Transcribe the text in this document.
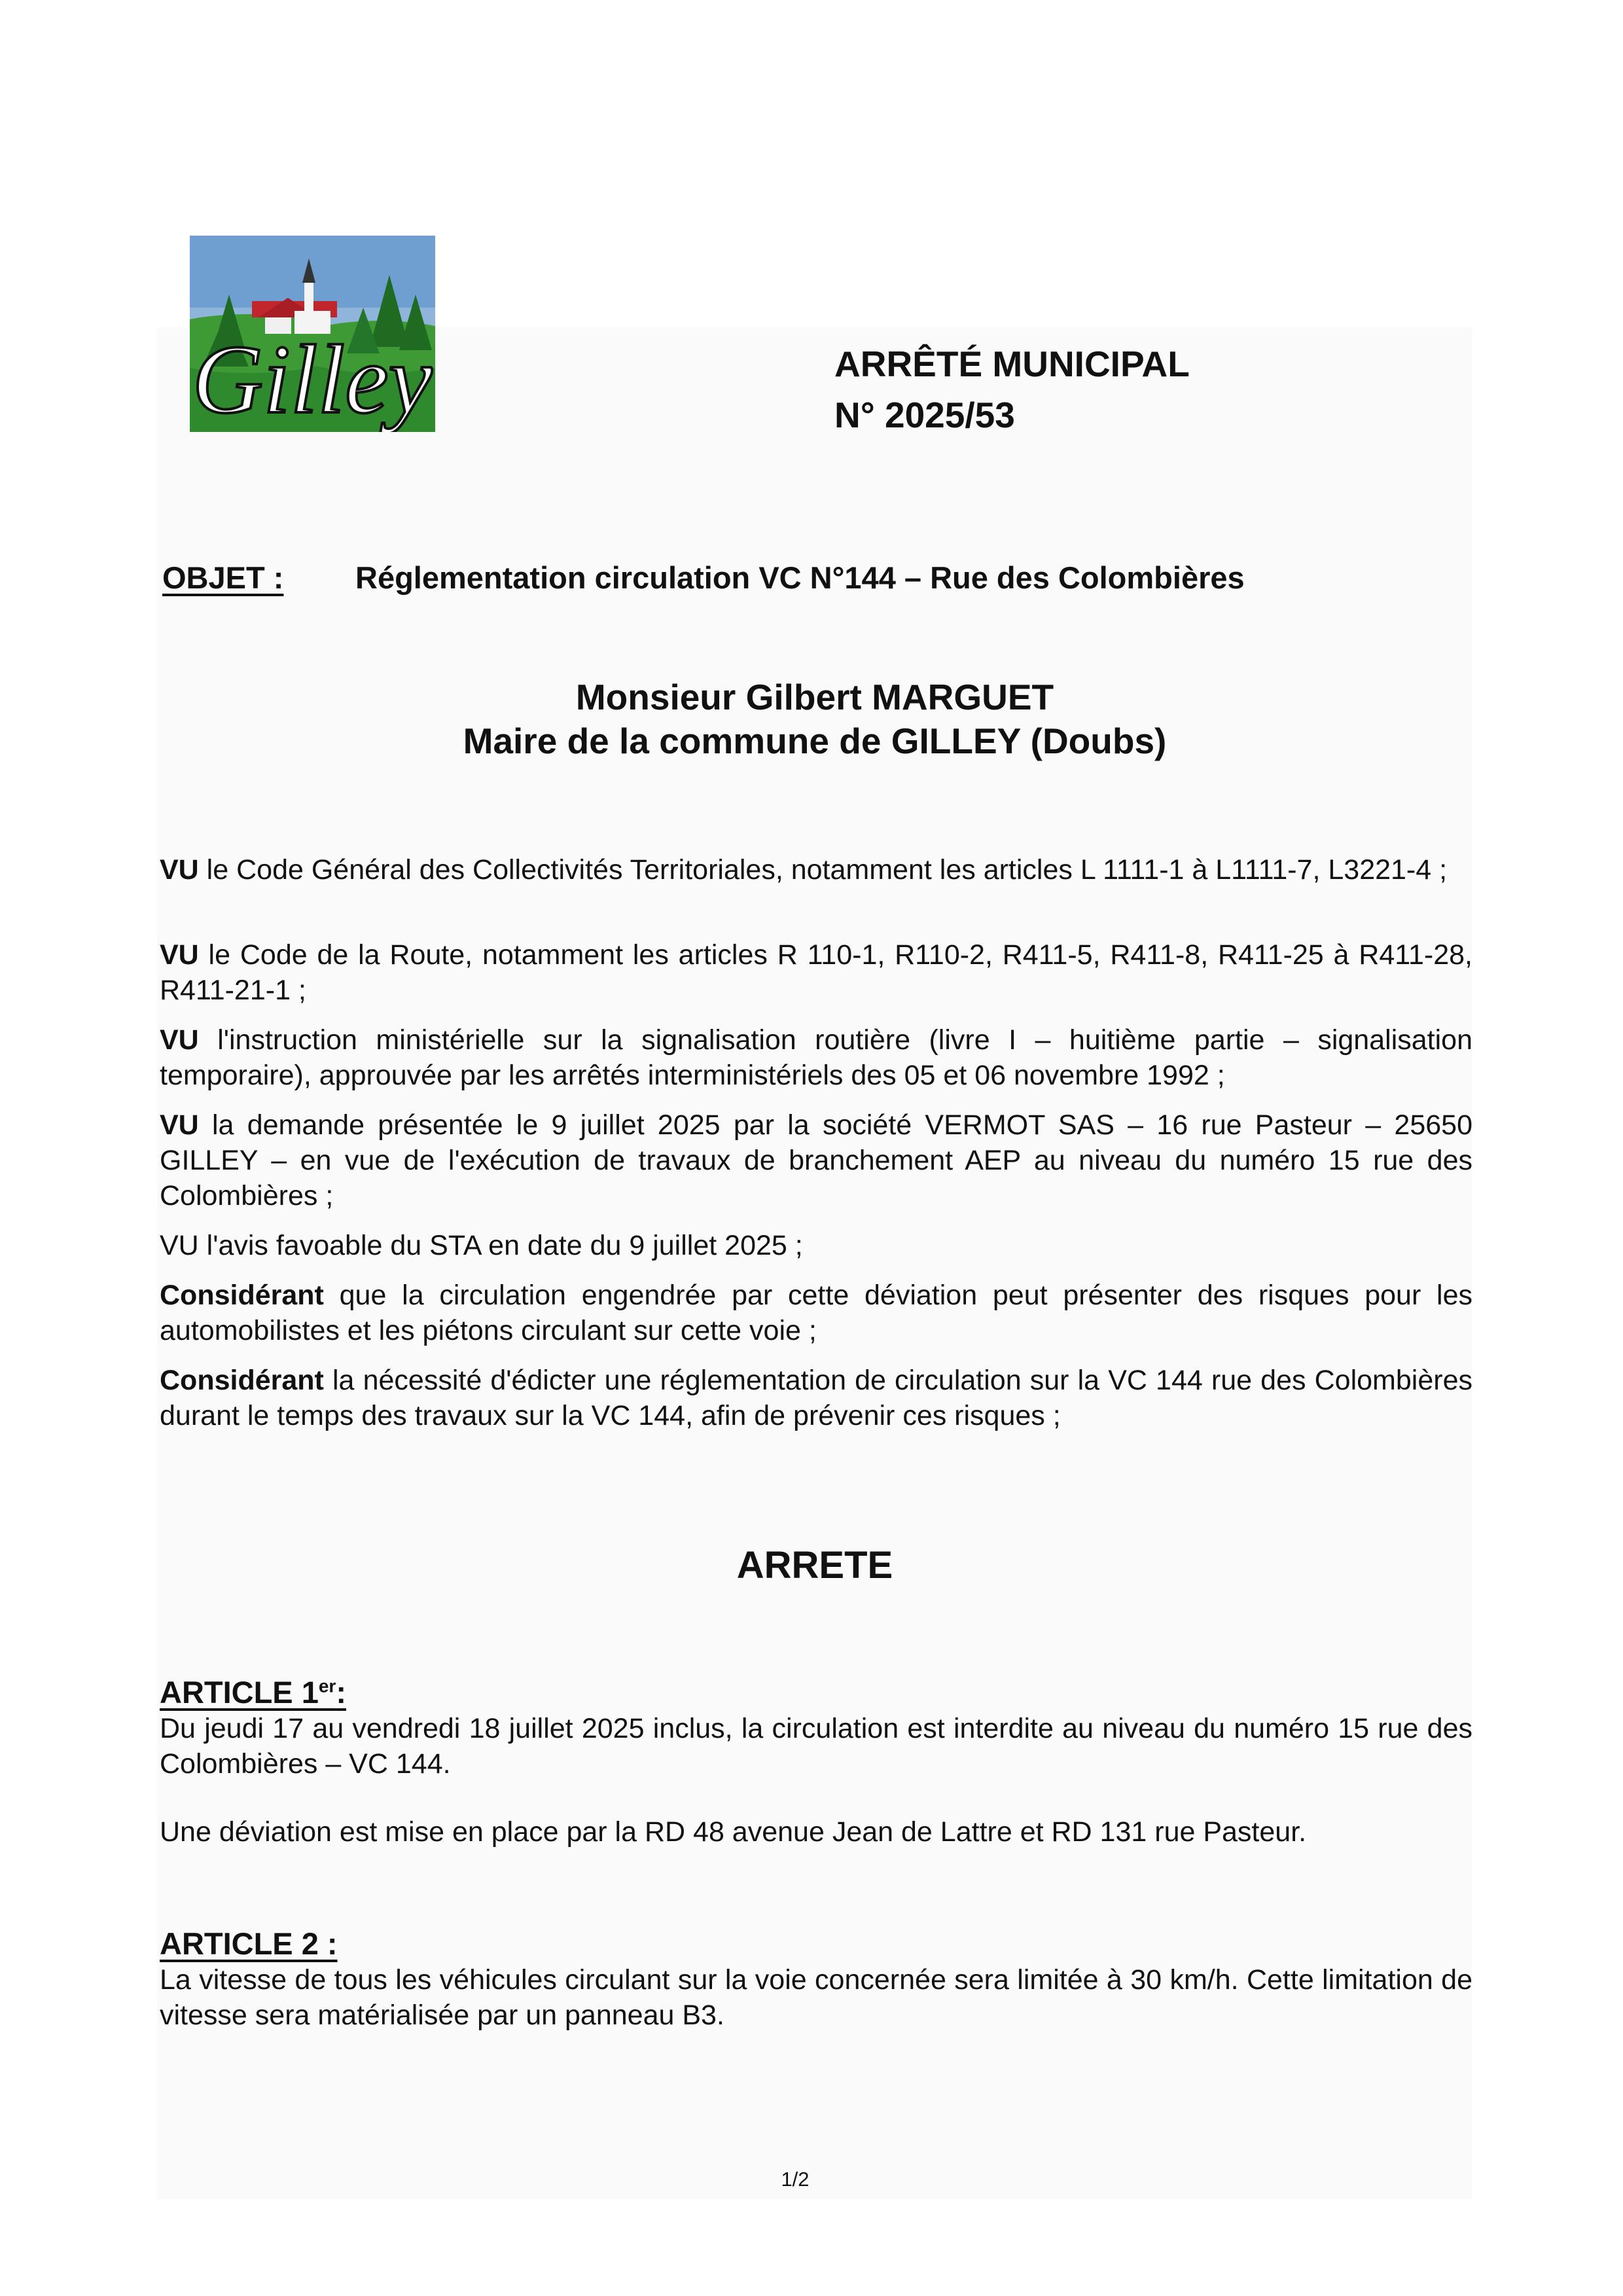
Gilley	ARRÊTÉ MUNICIPAL
N° 2025/53
OBJET : Réglementation circulation VC N°144 – Rue des Colombières
Monsieur Gilbert MARGUET
Maire de la commune de GILLEY (Doubs)

VU le Code Général des Collectivités Territoriales, notamment les articles L 1111-1 à L1111-7, L3221-4 ;

VU le Code de la Route, notamment les articles R 110-1, R110-2, R411-5, R411-8, R411-25 à R411-28, R411-21-1 ;

VU l'instruction ministérielle sur la signalisation routière (livre I – huitième partie – signalisation temporaire), approuvée par les arrêtés interministériels des 05 et 06 novembre 1992 ;

VU la demande présentée le 9 juillet 2025 par la société VERMOT SAS – 16 rue Pasteur – 25650 GILLEY – en vue de l'exécution de travaux de branchement AEP au niveau du numéro 15 rue des Colombières ;

VU l'avis favoable du STA en date du 9 juillet 2025 ;

Considérant que la circulation engendrée par cette déviation peut présenter des risques pour les automobilistes et les piétons circulant sur cette voie ;

Considérant la nécessité d'édicter une réglementation de circulation sur la VC 144 rue des Colombières durant le temps des travaux sur la VC 144, afin de prévenir ces risques ;

ARRETE
ARTICLE 1er:

Du jeudi 17 au vendredi 18 juillet 2025 inclus, la circulation est interdite au niveau du numéro 15 rue des Colombières – VC 144.

Une déviation est mise en place par la RD 48 avenue Jean de Lattre et RD 131 rue Pasteur.

ARTICLE 2 :

La vitesse de tous les véhicules circulant sur la voie concernée sera limitée à 30 km/h. Cette limitation de vitesse sera matérialisée par un panneau B3.

1/2
